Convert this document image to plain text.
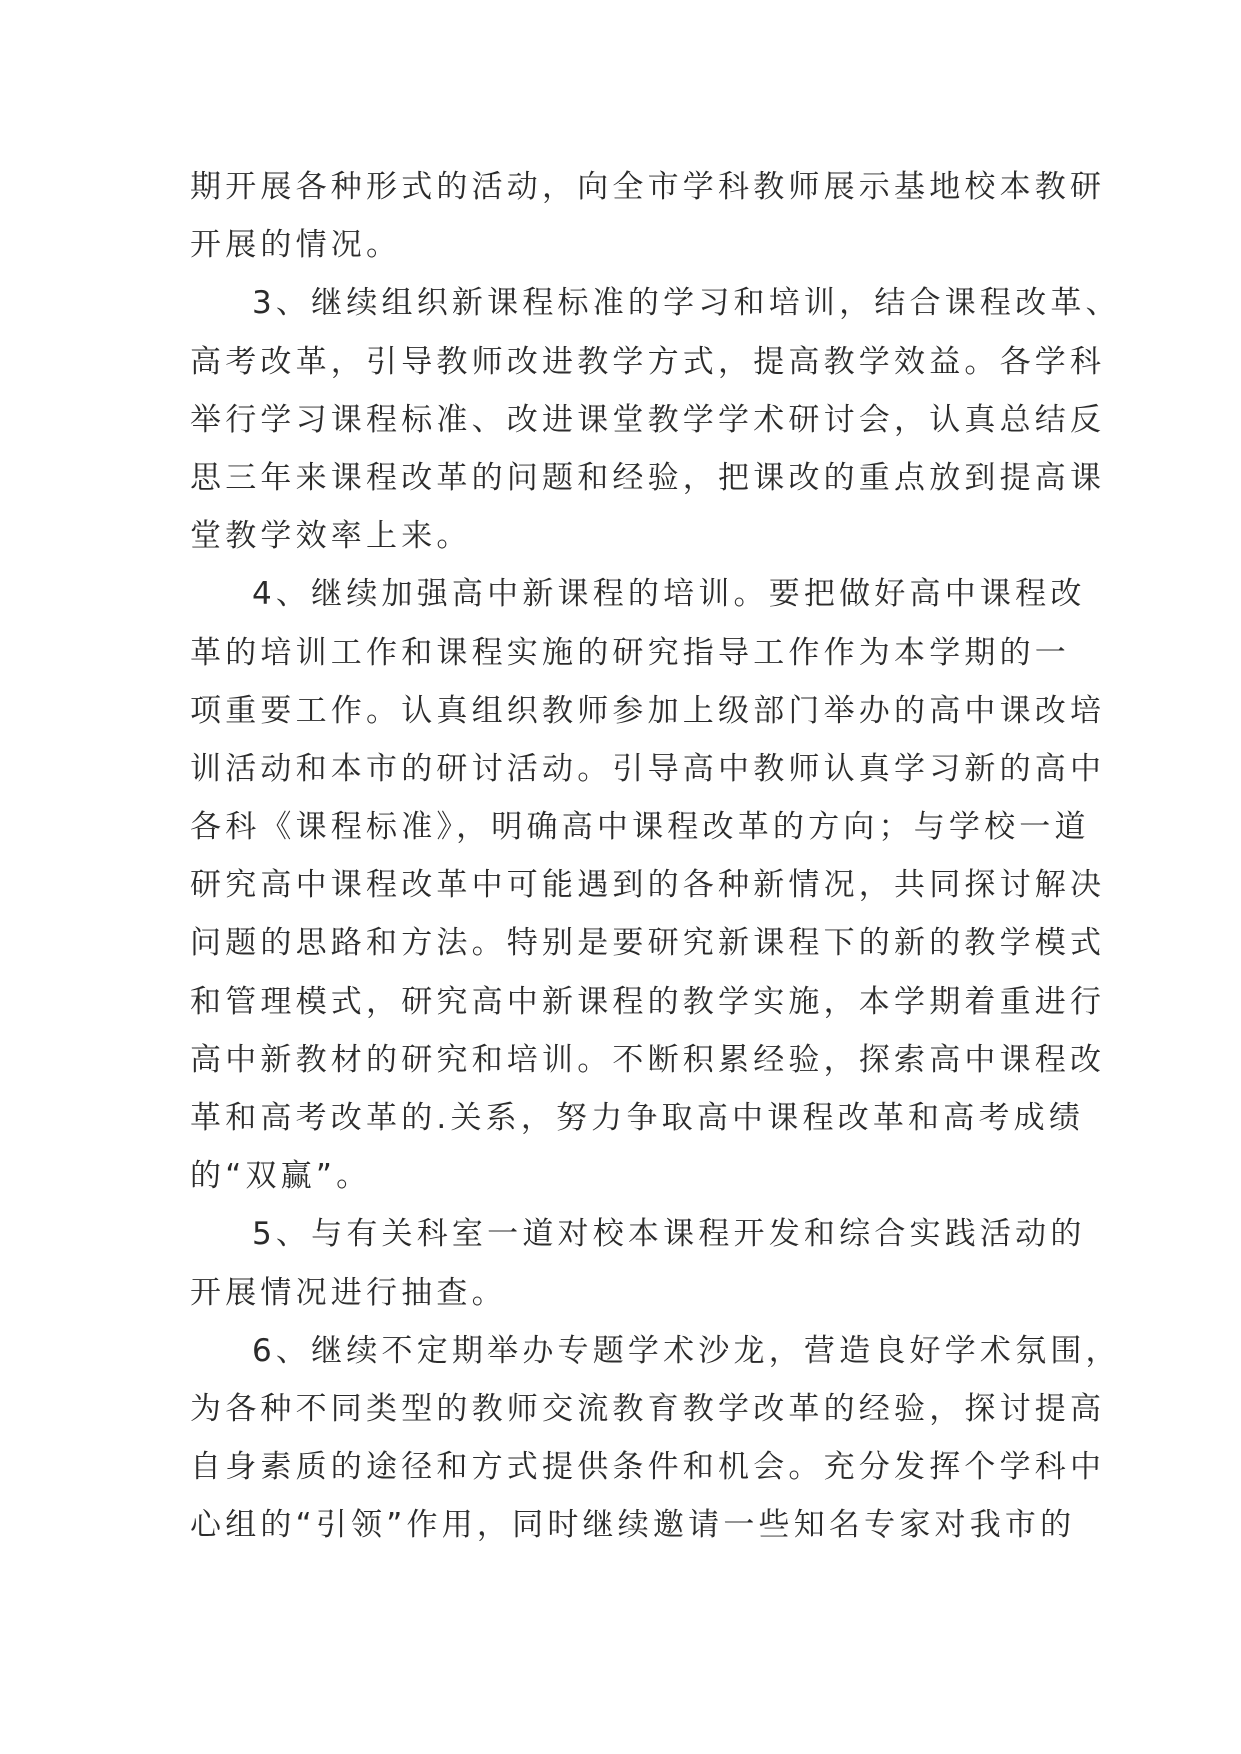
期开展各种形式的活动，向全市学科教师展示基地校本教研
开展的情况。
3、继续组织新课程标准的学习和培训，结合课程改革、
高考改革，引导教师改进教学方式，提高教学效益。各学科
举行学习课程标准、改进课堂教学学术研讨会，认真总结反
思三年来课程改革的问题和经验，把课改的重点放到提高课
堂教学效率上来。
4、继续加强高中新课程的培训。要把做好高中课程改
革的培训工作和课程实施的研究指导工作作为本学期的一
项重要工作。认真组织教师参加上级部门举办的高中课改培
训活动和本市的研讨活动。引导高中教师认真学习新的高中
各科《课程标准》，明确高中课程改革的方向；与学校一道
研究高中课程改革中可能遇到的各种新情况，共同探讨解决
问题的思路和方法。特别是要研究新课程下的新的教学模式
和管理模式，研究高中新课程的教学实施，本学期着重进行
高中新教材的研究和培训。不断积累经验，探索高中课程改
革和高考改革的.关系，努力争取高中课程改革和高考成绩
的“双赢”。
5、与有关科室一道对校本课程开发和综合实践活动的
开展情况进行抽查。
6、继续不定期举办专题学术沙龙，营造良好学术氛围，
为各种不同类型的教师交流教育教学改革的经验，探讨提高
自身素质的途径和方式提供条件和机会。充分发挥个学科中
心组的“引领”作用，同时继续邀请一些知名专家对我市的
